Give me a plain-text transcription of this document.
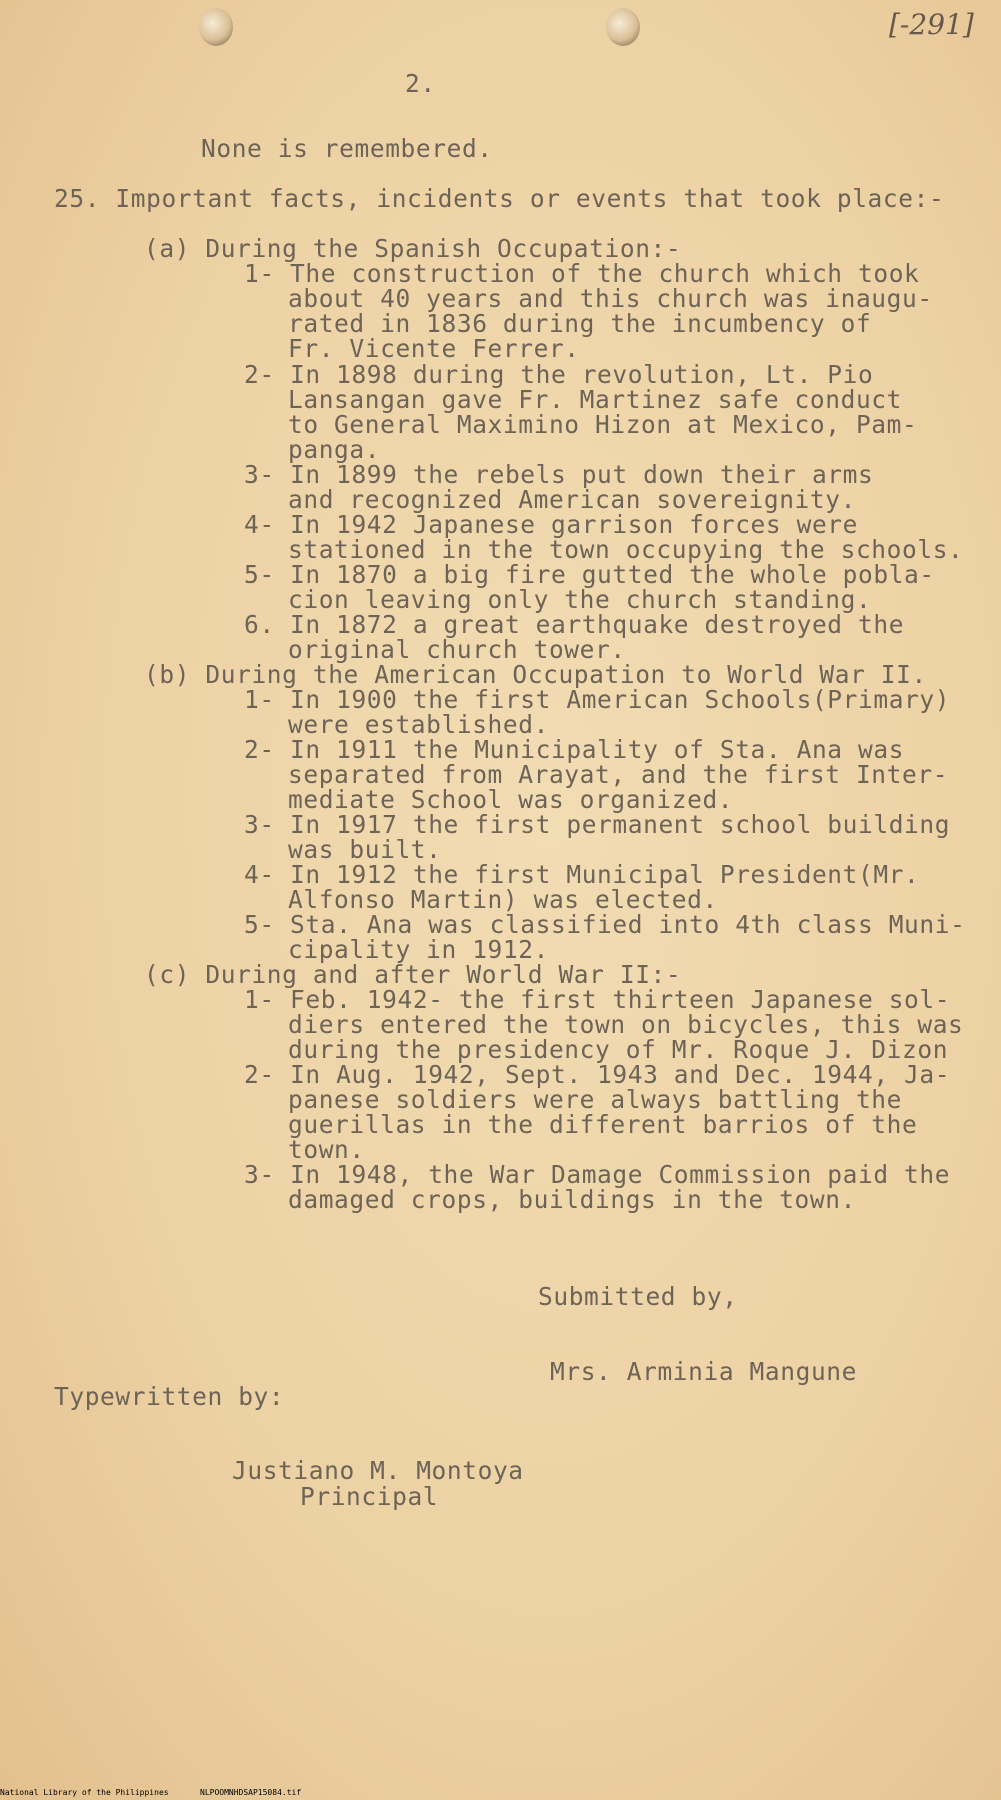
[-291]

2.

None is remembered.

25. Important facts, incidents or events that took place:-

(a) During the Spanish Occupation:-

1- The construction of the church which took

about 40 years and this church was inaugu-

rated in 1836 during the incumbency of

Fr. Vicente Ferrer.

2- In 1898 during the revolution, Lt. Pio

Lansangan gave Fr. Martinez safe conduct

to General Maximino Hizon at Mexico, Pam-

panga.

3- In 1899 the rebels put down their arms

and recognized American sovereignity.

4- In 1942 Japanese garrison forces were

stationed in the town occupying the schools.

5- In 1870 a big fire gutted the whole pobla-

cion leaving only the church standing.

6. In 1872 a great earthquake destroyed the

original church tower.

(b) During the American Occupation to World War II.

1- In 1900 the first American Schools(Primary)

were established.

2- In 1911 the Municipality of Sta. Ana was

separated from Arayat, and the first Inter-

mediate School was organized.

3- In 1917 the first permanent school building

was built.

4- In 1912 the first Municipal President(Mr.

Alfonso Martin) was elected.

5- Sta. Ana was classified into 4th class Muni-

cipality in 1912.

(c) During and after World War II:-

1- Feb. 1942- the first thirteen Japanese sol-

diers entered the town on bicycles, this was

during the presidency of Mr. Roque J. Dizon

2- In Aug. 1942, Sept. 1943 and Dec. 1944, Ja-

panese soldiers were always battling the

guerillas in the different barrios of the

town.

3- In 1948, the War Damage Commission paid the

damaged crops, buildings in the town.

Submitted by,

Mrs. Arminia Mangune

Typewritten by:

Justiano M. Montoya

Principal

National Library of the Philippines	NLPOOMNHDSAP15084.tif
